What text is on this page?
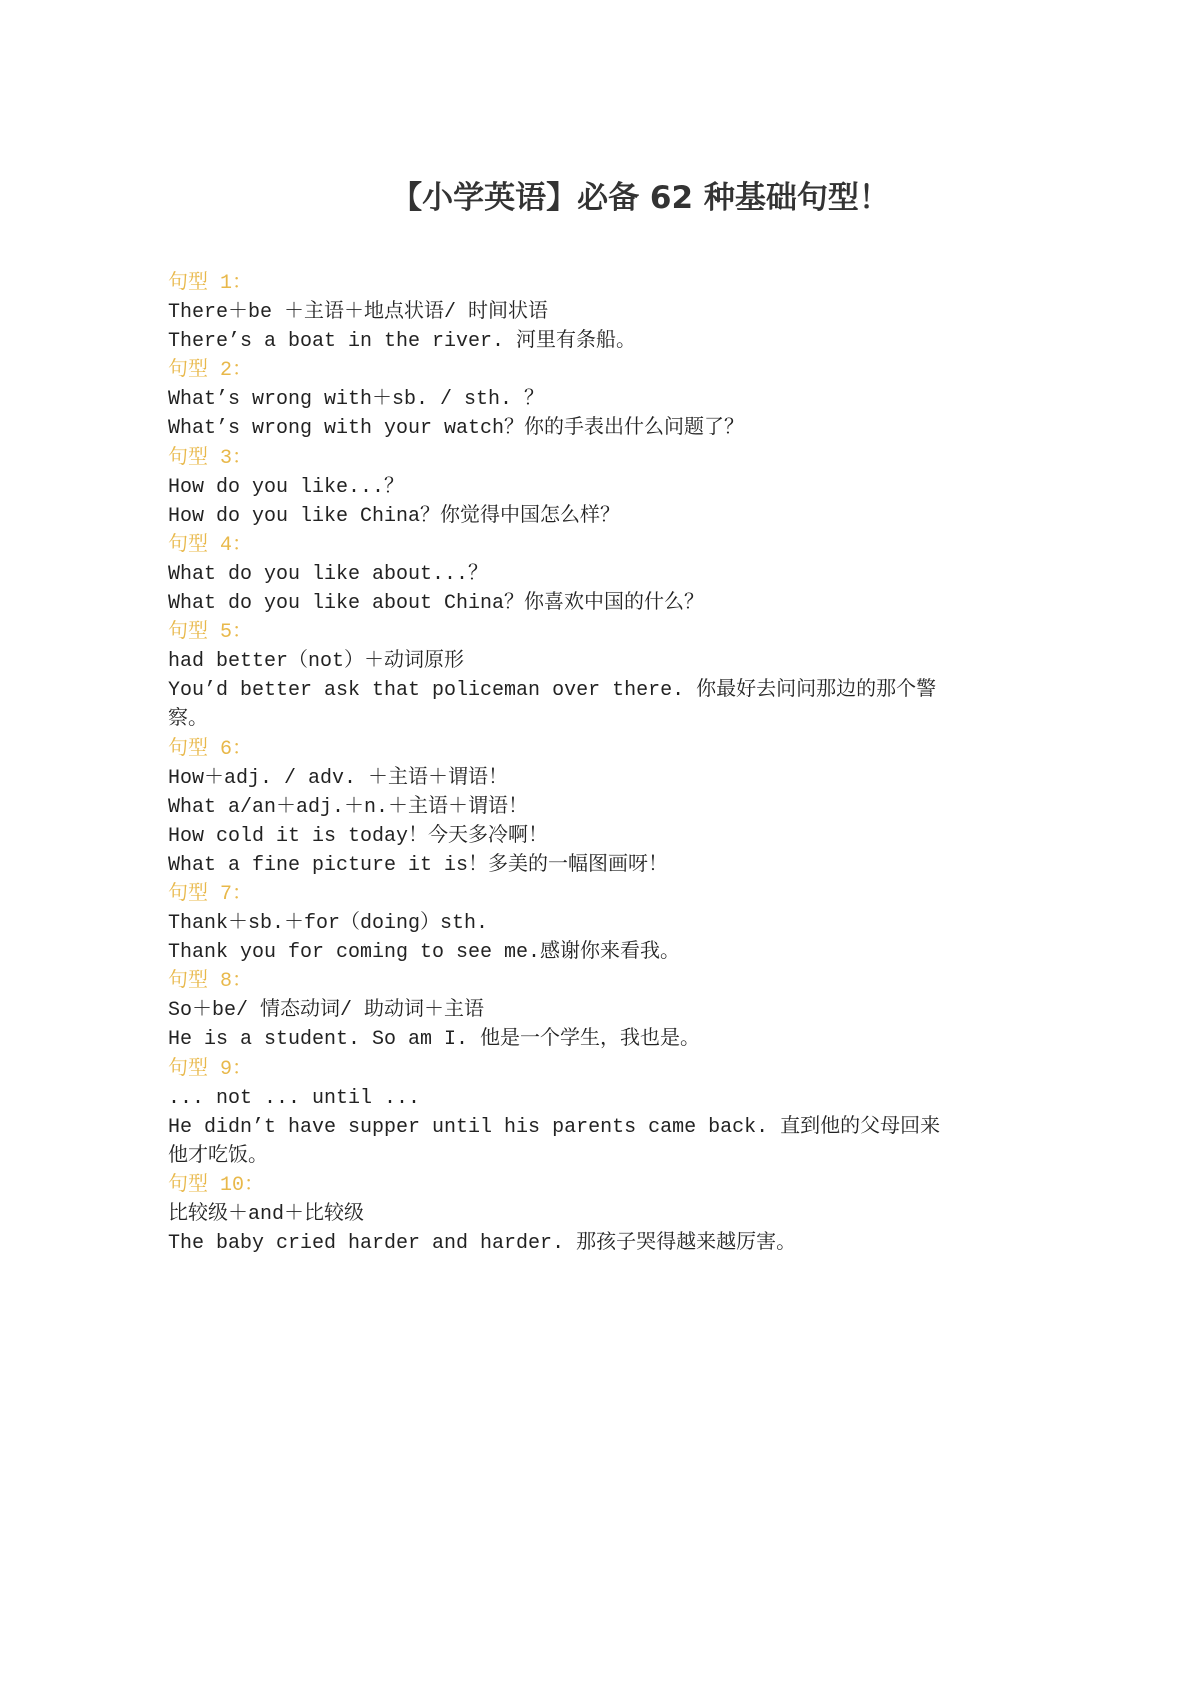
【小学英语】必备 62 种基础句型！

句型 1：

There＋be ＋主语＋地点状语/ 时间状语

There’s a boat in the river. 河里有条船。

句型 2：

What’s wrong with＋sb. / sth. ？

What’s wrong with your watch？你的手表出什么问题了？

句型 3：

How do you like...？

How do you like China？你觉得中国怎么样？

句型 4：

What do you like about...？

What do you like about China？你喜欢中国的什么？

句型 5：

had better（not）＋动词原形

You’d better ask that policeman over there. 你最好去问问那边的那个警察。

句型 6：

How＋adj. / adv. ＋主语＋谓语！

What a/an＋adj.＋n.＋主语＋谓语！

How cold it is today！今天多冷啊！

What a fine picture it is！多美的一幅图画呀！

句型 7：

Thank＋sb.＋for（doing）sth.

Thank you for coming to see me.感谢你来看我。

句型 8：

So＋be/ 情态动词/ 助动词＋主语

He is a student. So am I. 他是一个学生，我也是。

句型 9：

... not ... until ...

He didn’t have supper until his parents came back. 直到他的父母回来他才吃饭。

句型 10：

比较级＋and＋比较级

The baby cried harder and harder. 那孩子哭得越来越厉害。
